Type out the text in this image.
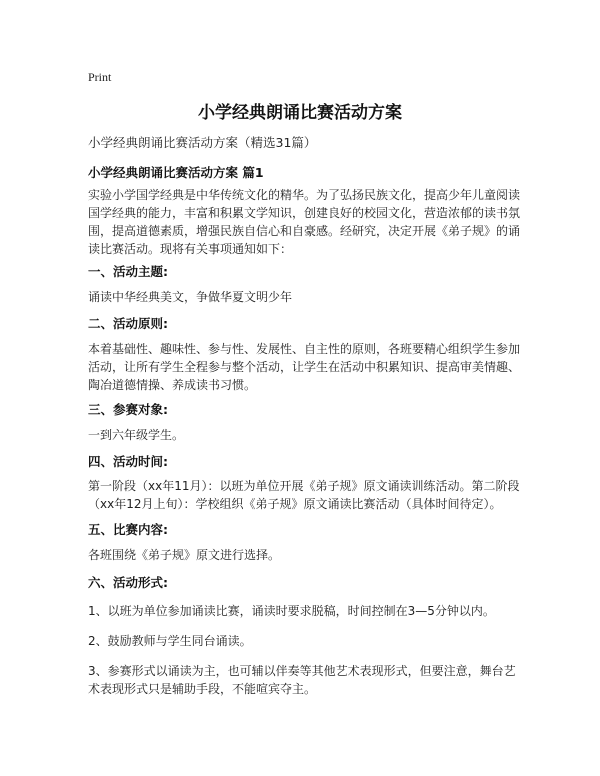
Print
小学经典朗诵比赛活动方案
小学经典朗诵比赛活动方案（精选31篇）
小学经典朗诵比赛活动方案 篇1
实验小学国学经典是中华传统文化的精华。为了弘扬民族文化，提高少年儿童阅读
国学经典的能力，丰富和积累文学知识，创建良好的校园文化，营造浓郁的读书氛
围，提高道德素质，增强民族自信心和自豪感。经研究，决定开展《弟子规》的诵
读比赛活动。现将有关事项通知如下：
一、活动主题:
诵读中华经典美文，争做华夏文明少年
二、活动原则:
本着基础性、趣味性、参与性、发展性、自主性的原则，各班要精心组织学生参加
活动，让所有学生全程参与整个活动，让学生在活动中积累知识、提高审美情趣、
陶冶道德情操、养成读书习惯。
三、参赛对象:
一到六年级学生。
四、活动时间:
第一阶段（xx年11月）：以班为单位开展《弟子规》原文诵读训练活动。第二阶段
（xx年12月上旬）：学校组织《弟子规》原文诵读比赛活动（具体时间待定）。
五、比赛内容:
各班围绕《弟子规》原文进行选择。
六、活动形式:
1、以班为单位参加诵读比赛，诵读时要求脱稿，时间控制在3—5分钟以内。
2、鼓励教师与学生同台诵读。
3、参赛形式以诵读为主，也可辅以伴奏等其他艺术表现形式，但要注意，舞台艺
术表现形式只是辅助手段，不能喧宾夺主。
